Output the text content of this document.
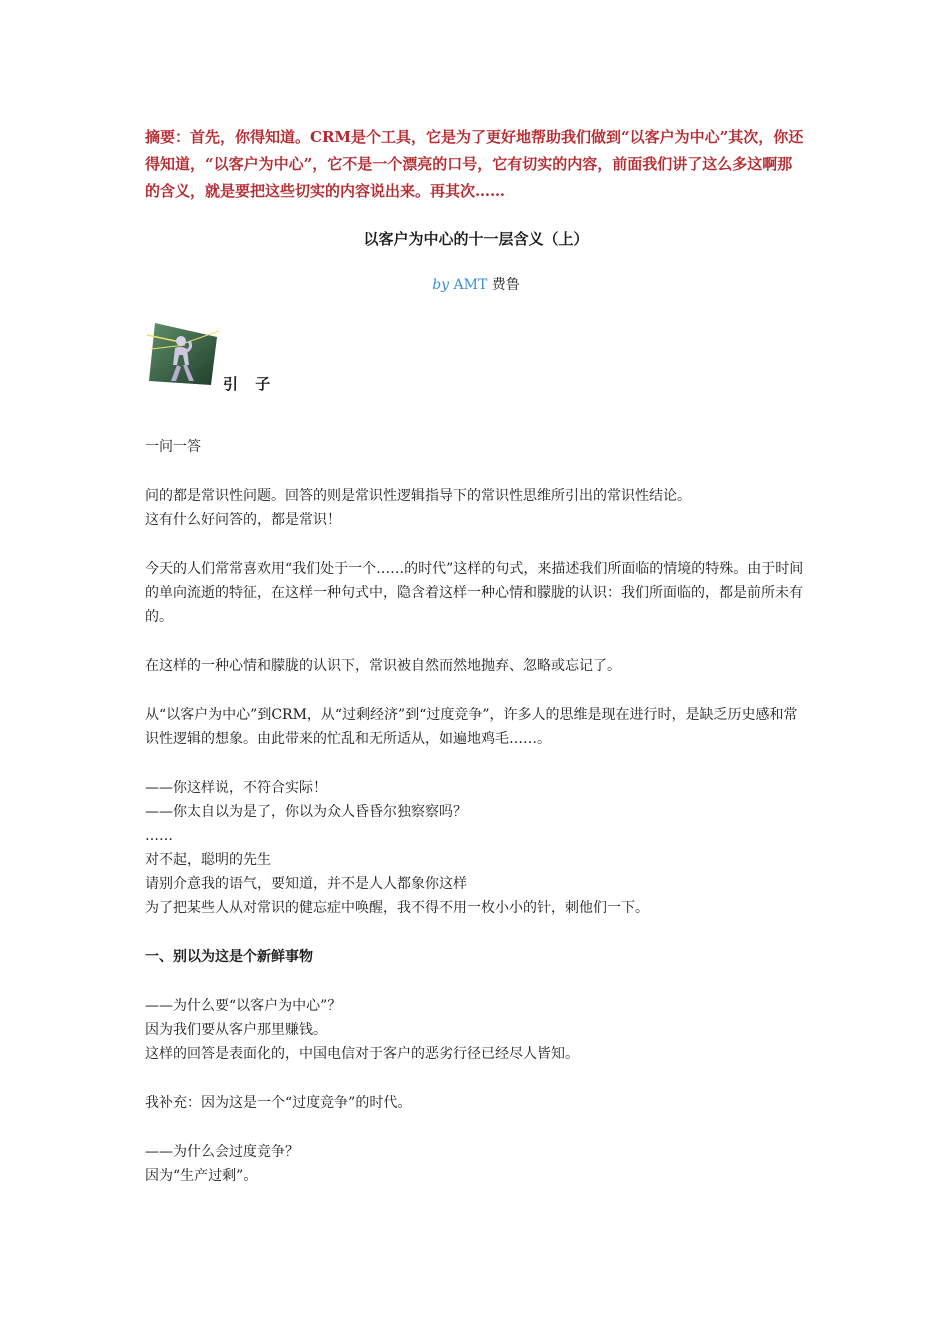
摘要：首先，你得知道。CRM是个工具，它是为了更好地帮助我们做到“以客户为中心”其次，你还得知道，“以客户为中心”，它不是一个漂亮的口号，它有切实的内容，前面我们讲了这么多这啊那的含义，就是要把这些切实的内容说出来。再其次……

以客户为中心的十一层含义（上）

by AMT 费鲁

引 子

一问一答

问的都是常识性问题。回答的则是常识性逻辑指导下的常识性思维所引出的常识性结论。

这有什么好问答的，都是常识！

今天的人们常常喜欢用“我们处于一个……的时代”这样的句式，来描述我们所面临的情境的特殊。由于时间的单向流逝的特征，在这样一种句式中，隐含着这样一种心情和朦胧的认识：我们所面临的，都是前所未有的。

在这样的一种心情和朦胧的认识下，常识被自然而然地抛弃、忽略或忘记了。

从“以客户为中心”到CRM，从“过剩经济”到“过度竞争”，许多人的思维是现在进行时，是缺乏历史感和常识性逻辑的想象。由此带来的忙乱和无所适从，如遍地鸡毛……。

——你这样说，不符合实际！

——你太自以为是了，你以为众人昏昏尔独察察吗？

……

对不起，聪明的先生

请别介意我的语气，要知道，并不是人人都象你这样

为了把某些人从对常识的健忘症中唤醒，我不得不用一枚小小的针，刺他们一下。

一、别以为这是个新鲜事物

——为什么要“以客户为中心”？

因为我们要从客户那里赚钱。

这样的回答是表面化的，中国电信对于客户的恶劣行径已经尽人皆知。

我补充：因为这是一个“过度竞争”的时代。

——为什么会过度竞争？

因为“生产过剩”。
